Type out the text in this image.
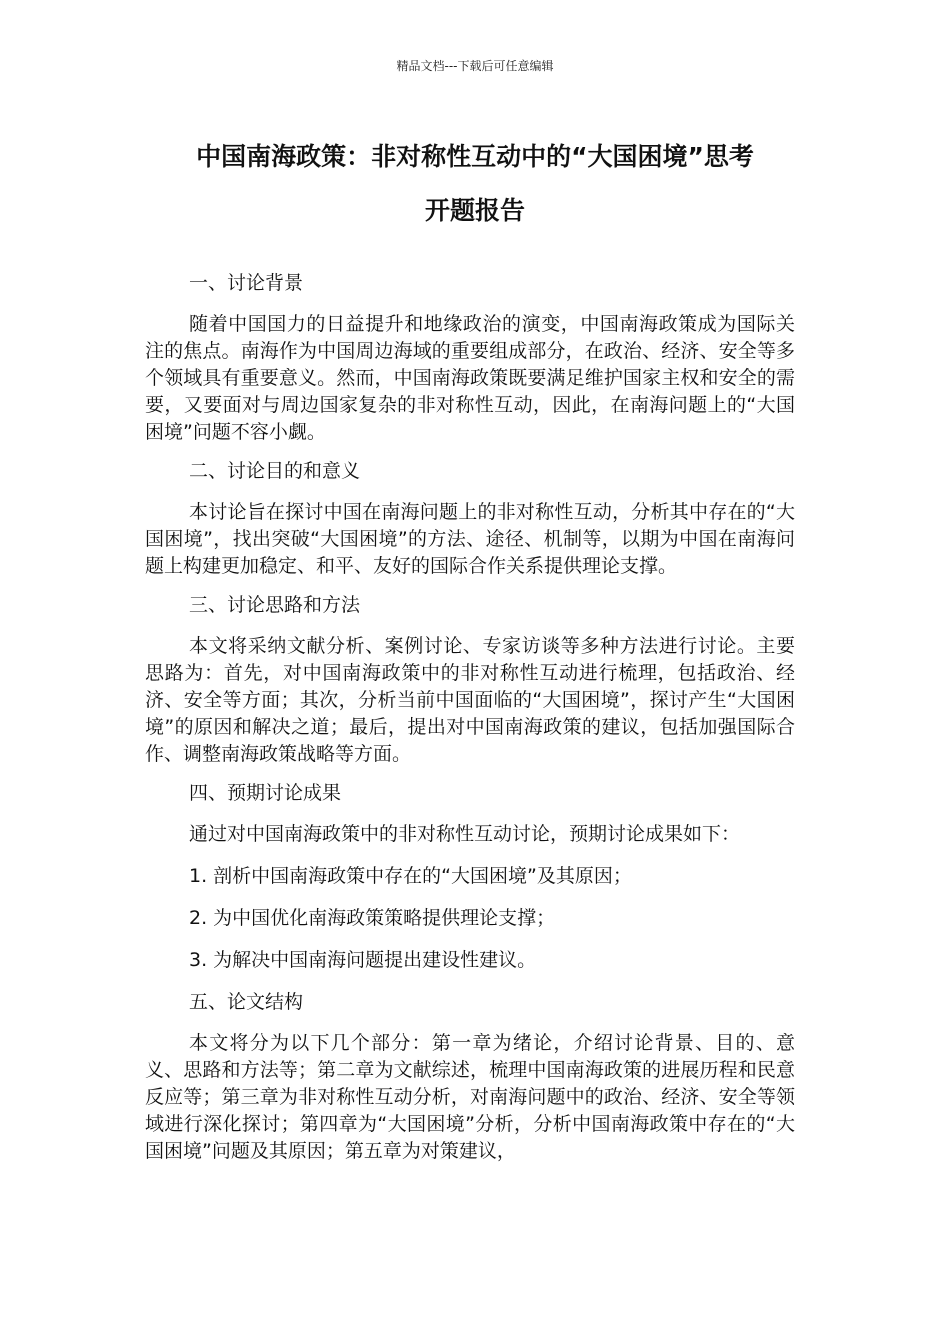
精品文档---下载后可任意编辑
中国南海政策：非对称性互动中的“大国困境”思考
开题报告

一、讨论背景

随着中国国力的日益提升和地缘政治的演变，中国南海政策成为国际关注的焦点。南海作为中国周边海域的重要组成部分，在政治、经济、安全等多个领域具有重要意义。然而，中国南海政策既要满足维护国家主权和安全的需要，又要面对与周边国家复杂的非对称性互动，因此，在南海问题上的“大国困境”问题不容小觑。

二、讨论目的和意义

本讨论旨在探讨中国在南海问题上的非对称性互动，分析其中存在的“大国困境”，找出突破“大国困境”的方法、途径、机制等，以期为中国在南海问题上构建更加稳定、和平、友好的国际合作关系提供理论支撑。

三、讨论思路和方法

本文将采纳文献分析、案例讨论、专家访谈等多种方法进行讨论。主要思路为：首先，对中国南海政策中的非对称性互动进行梳理，包括政治、经济、安全等方面；其次，分析当前中国面临的“大国困境”，探讨产生“大国困境”的原因和解决之道；最后，提出对中国南海政策的建议，包括加强国际合作、调整南海政策战略等方面。

四、预期讨论成果

通过对中国南海政策中的非对称性互动讨论，预期讨论成果如下：

1. 剖析中国南海政策中存在的“大国困境”及其原因；

2. 为中国优化南海政策策略提供理论支撑；

3. 为解决中国南海问题提出建设性建议。

五、论文结构

本文将分为以下几个部分：第一章为绪论，介绍讨论背景、目的、意义、思路和方法等；第二章为文献综述，梳理中国南海政策的进展历程和民意反应等；第三章为非对称性互动分析，对南海问题中的政治、经济、安全等领域进行深化探讨；第四章为“大国困境”分析，分析中国南海政策中存在的“大国困境”问题及其原因；第五章为对策建议，
